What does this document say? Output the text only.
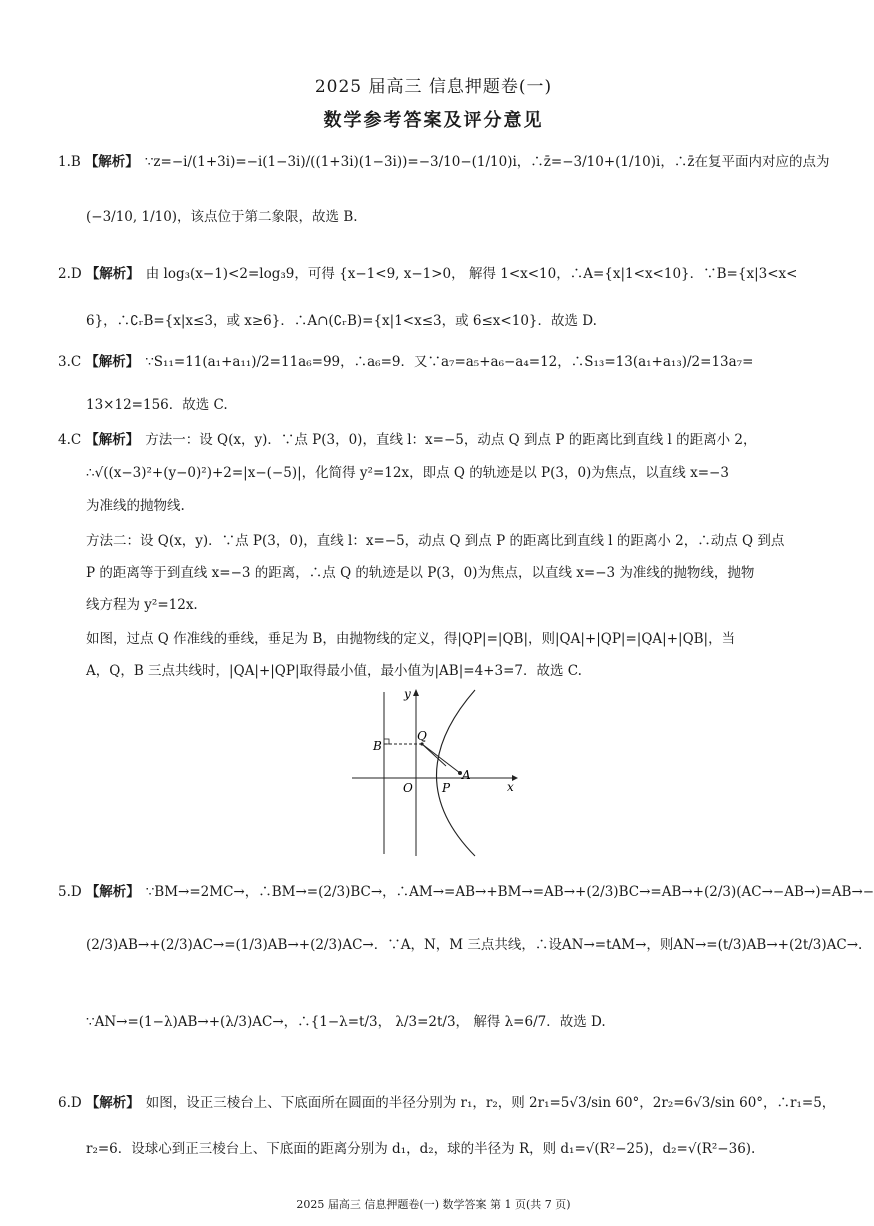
2025 届高三 信息押题卷(一)
数学参考答案及评分意见
1.B 【解析】 ∵z=−i/(1+3i)=−i(1−3i)/((1+3i)(1−3i))=−3/10−(1/10)i，∴z̄=−3/10+(1/10)i，∴z̄在复平面内对应的点为
(−3/10, 1/10)，该点位于第二象限，故选 B.
2.D 【解析】 由 log₃(x−1)<2=log₃9，可得 {x−1<9, x−1>0， 解得 1<x<10，∴A={x|1<x<10}．∵B={x|3<x<
6}，∴∁ᵣB={x|x≤3，或 x≥6}．∴A∩(∁ᵣB)={x|1<x≤3，或 6≤x<10}．故选 D.
3.C 【解析】 ∵S₁₁=11(a₁+a₁₁)/2=11a₆=99，∴a₆=9．又∵a₇=a₅+a₆−a₄=12，∴S₁₃=13(a₁+a₁₃)/2=13a₇=
13×12=156．故选 C.
4.C 【解析】 方法一：设 Q(x，y)．∵点 P(3，0)，直线 l：x=−5，动点 Q 到点 P 的距离比到直线 l 的距离小 2，
∴√((x−3)²+(y−0)²)+2=|x−(−5)|，化简得 y²=12x，即点 Q 的轨迹是以 P(3，0)为焦点，以直线 x=−3
为准线的抛物线.
方法二：设 Q(x，y)．∵点 P(3，0)，直线 l：x=−5，动点 Q 到点 P 的距离比到直线 l 的距离小 2，∴动点 Q 到点
P 的距离等于到直线 x=−3 的距离，∴点 Q 的轨迹是以 P(3，0)为焦点，以直线 x=−3 为准线的抛物线，抛物
线方程为 y²=12x.
如图，过点 Q 作准线的垂线，垂足为 B，由抛物线的定义，得|QP|=|QB|，则|QA|+|QP|=|QA|+|QB|，当
A，Q，B 三点共线时，|QA|+|QP|取得最小值，最小值为|AB|=4+3=7．故选 C.
y
x
O P
Q
A
B
5.D 【解析】 ∵BM→=2MC→，∴BM→=(2/3)BC→，∴AM→=AB→+BM→=AB→+(2/3)BC→=AB→+(2/3)(AC→−AB→)=AB→−
(2/3)AB→+(2/3)AC→=(1/3)AB→+(2/3)AC→．∵A，N，M 三点共线，∴设AN→=tAM→，则AN→=(t/3)AB→+(2t/3)AC→.
∵AN→=(1−λ)AB→+(λ/3)AC→，∴{1−λ=t/3， λ/3=2t/3， 解得 λ=6/7．故选 D.
6.D 【解析】 如图，设正三棱台上、下底面所在圆面的半径分别为 r₁，r₂，则 2r₁=5√3/sin 60°，2r₂=6√3/sin 60°，∴r₁=5，
r₂=6．设球心到正三棱台上、下底面的距离分别为 d₁，d₂，球的半径为 R，则 d₁=√(R²−25)，d₂=√(R²−36).
2025 届高三 信息押题卷(一) 数学答案 第 1 页(共 7 页)
